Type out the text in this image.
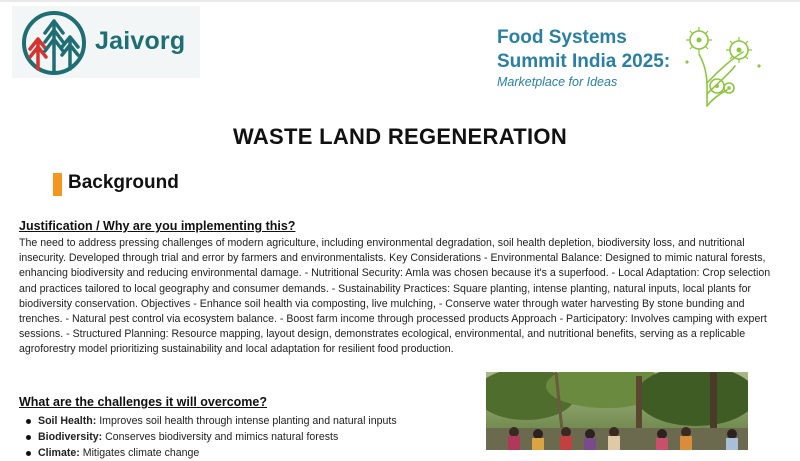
Jaivorg	Food Systems
Summit India 2025:
Marketplace for Ideas
WASTE LAND REGENERATION
Background
Justification / Why are you implementing this?

The need to address pressing challenges of modern agriculture, including environmental degradation, soil health depletion, biodiversity loss, and nutritional insecurity. Developed through trial and error by farmers and environmentalists. Key Considerations - Environmental Balance: Designed to mimic natural forests, enhancing biodiversity and reducing environmental damage. - Nutritional Security: Amla was chosen because it's a superfood. - Local Adaptation: Crop selection and practices tailored to local geography and consumer demands. - Sustainability Practices: Square planting, intense planting, natural inputs, local plants for biodiversity conservation. Objectives - Enhance soil health via composting, live mulching, - Conserve water through water harvesting By stone bunding and trenches. - Natural pest control via ecosystem balance. - Boost farm income through processed products Approach - Participatory: Involves camping with expert sessions. - Structured Planning: Resource mapping, layout design, demonstrates ecological, environmental, and nutritional benefits, serving as a replicable agroforestry model prioritizing sustainability and local adaptation for resilient food production.

What are the challenges it will overcome?
Soil Health: Improves soil health through intense planting and natural inputs
Biodiversity: Conserves biodiversity and mimics natural forests
Climate: Mitigates climate change
